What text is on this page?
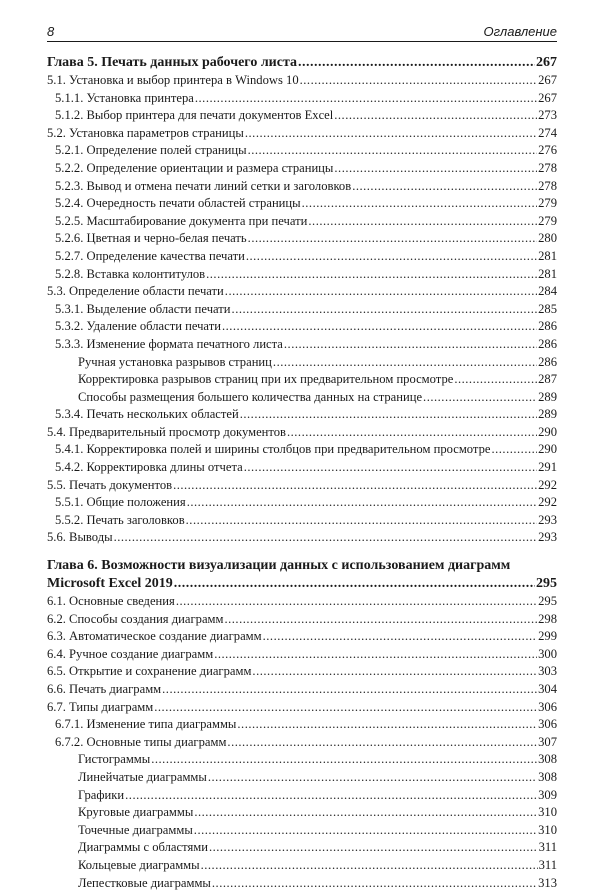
8	Оглавление
Глава 5. Печать данных рабочего листа .....	267
5.1. Установка и выбор принтера в Windows 10 .....	267
5.1.1. Установка принтера .....	267
5.1.2. Выбор принтера для печати документов Excel .....	273
5.2. Установка параметров страницы .....	274
5.2.1. Определение полей страницы .....	276
5.2.2. Определение ориентации и размера страницы .....	278
5.2.3. Вывод и отмена печати линий сетки и заголовков .....	278
5.2.4. Очередность печати областей страницы .....	279
5.2.5. Масштабирование документа при печати .....	279
5.2.6. Цветная и черно-белая печать .....	280
5.2.7. Определение качества печати .....	281
5.2.8. Вставка колонтитулов .....	281
5.3. Определение области печати .....	284
5.3.1. Выделение области печати .....	285
5.3.2. Удаление области печати .....	286
5.3.3. Изменение формата печатного листа .....	286
Ручная установка разрывов страниц .....	286
Корректировка разрывов страниц при их предварительном просмотре .....	287
Способы размещения большего количества данных на странице .....	289
5.3.4. Печать нескольких областей .....	289
5.4. Предварительный просмотр документов .....	290
5.4.1. Корректировка полей и ширины столбцов при предварительном просмотре .....	290
5.4.2. Корректировка длины отчета .....	291
5.5. Печать документов .....	292
5.5.1. Общие положения .....	292
5.5.2. Печать заголовков .....	293
5.6. Выводы .....	293
Глава 6. Возможности визуализации данных с использованием диаграмм
Microsoft Excel 2019 .....	295
6.1. Основные сведения .....	295
6.2. Способы создания диаграмм .....	298
6.3. Автоматическое создание диаграмм .....	299
6.4. Ручное создание диаграмм .....	300
6.5. Открытие и сохранение диаграмм .....	303
6.6. Печать диаграмм .....	304
6.7. Типы диаграмм .....	306
6.7.1. Изменение типа диаграммы .....	306
6.7.2. Основные типы диаграмм .....	307
Гистограммы .....	308
Линейчатые диаграммы .....	308
Графики .....	309
Круговые диаграммы .....	310
Точечные диаграммы .....	310
Диаграммы с областями .....	311
Кольцевые диаграммы .....	311
Лепестковые диаграммы .....	313
